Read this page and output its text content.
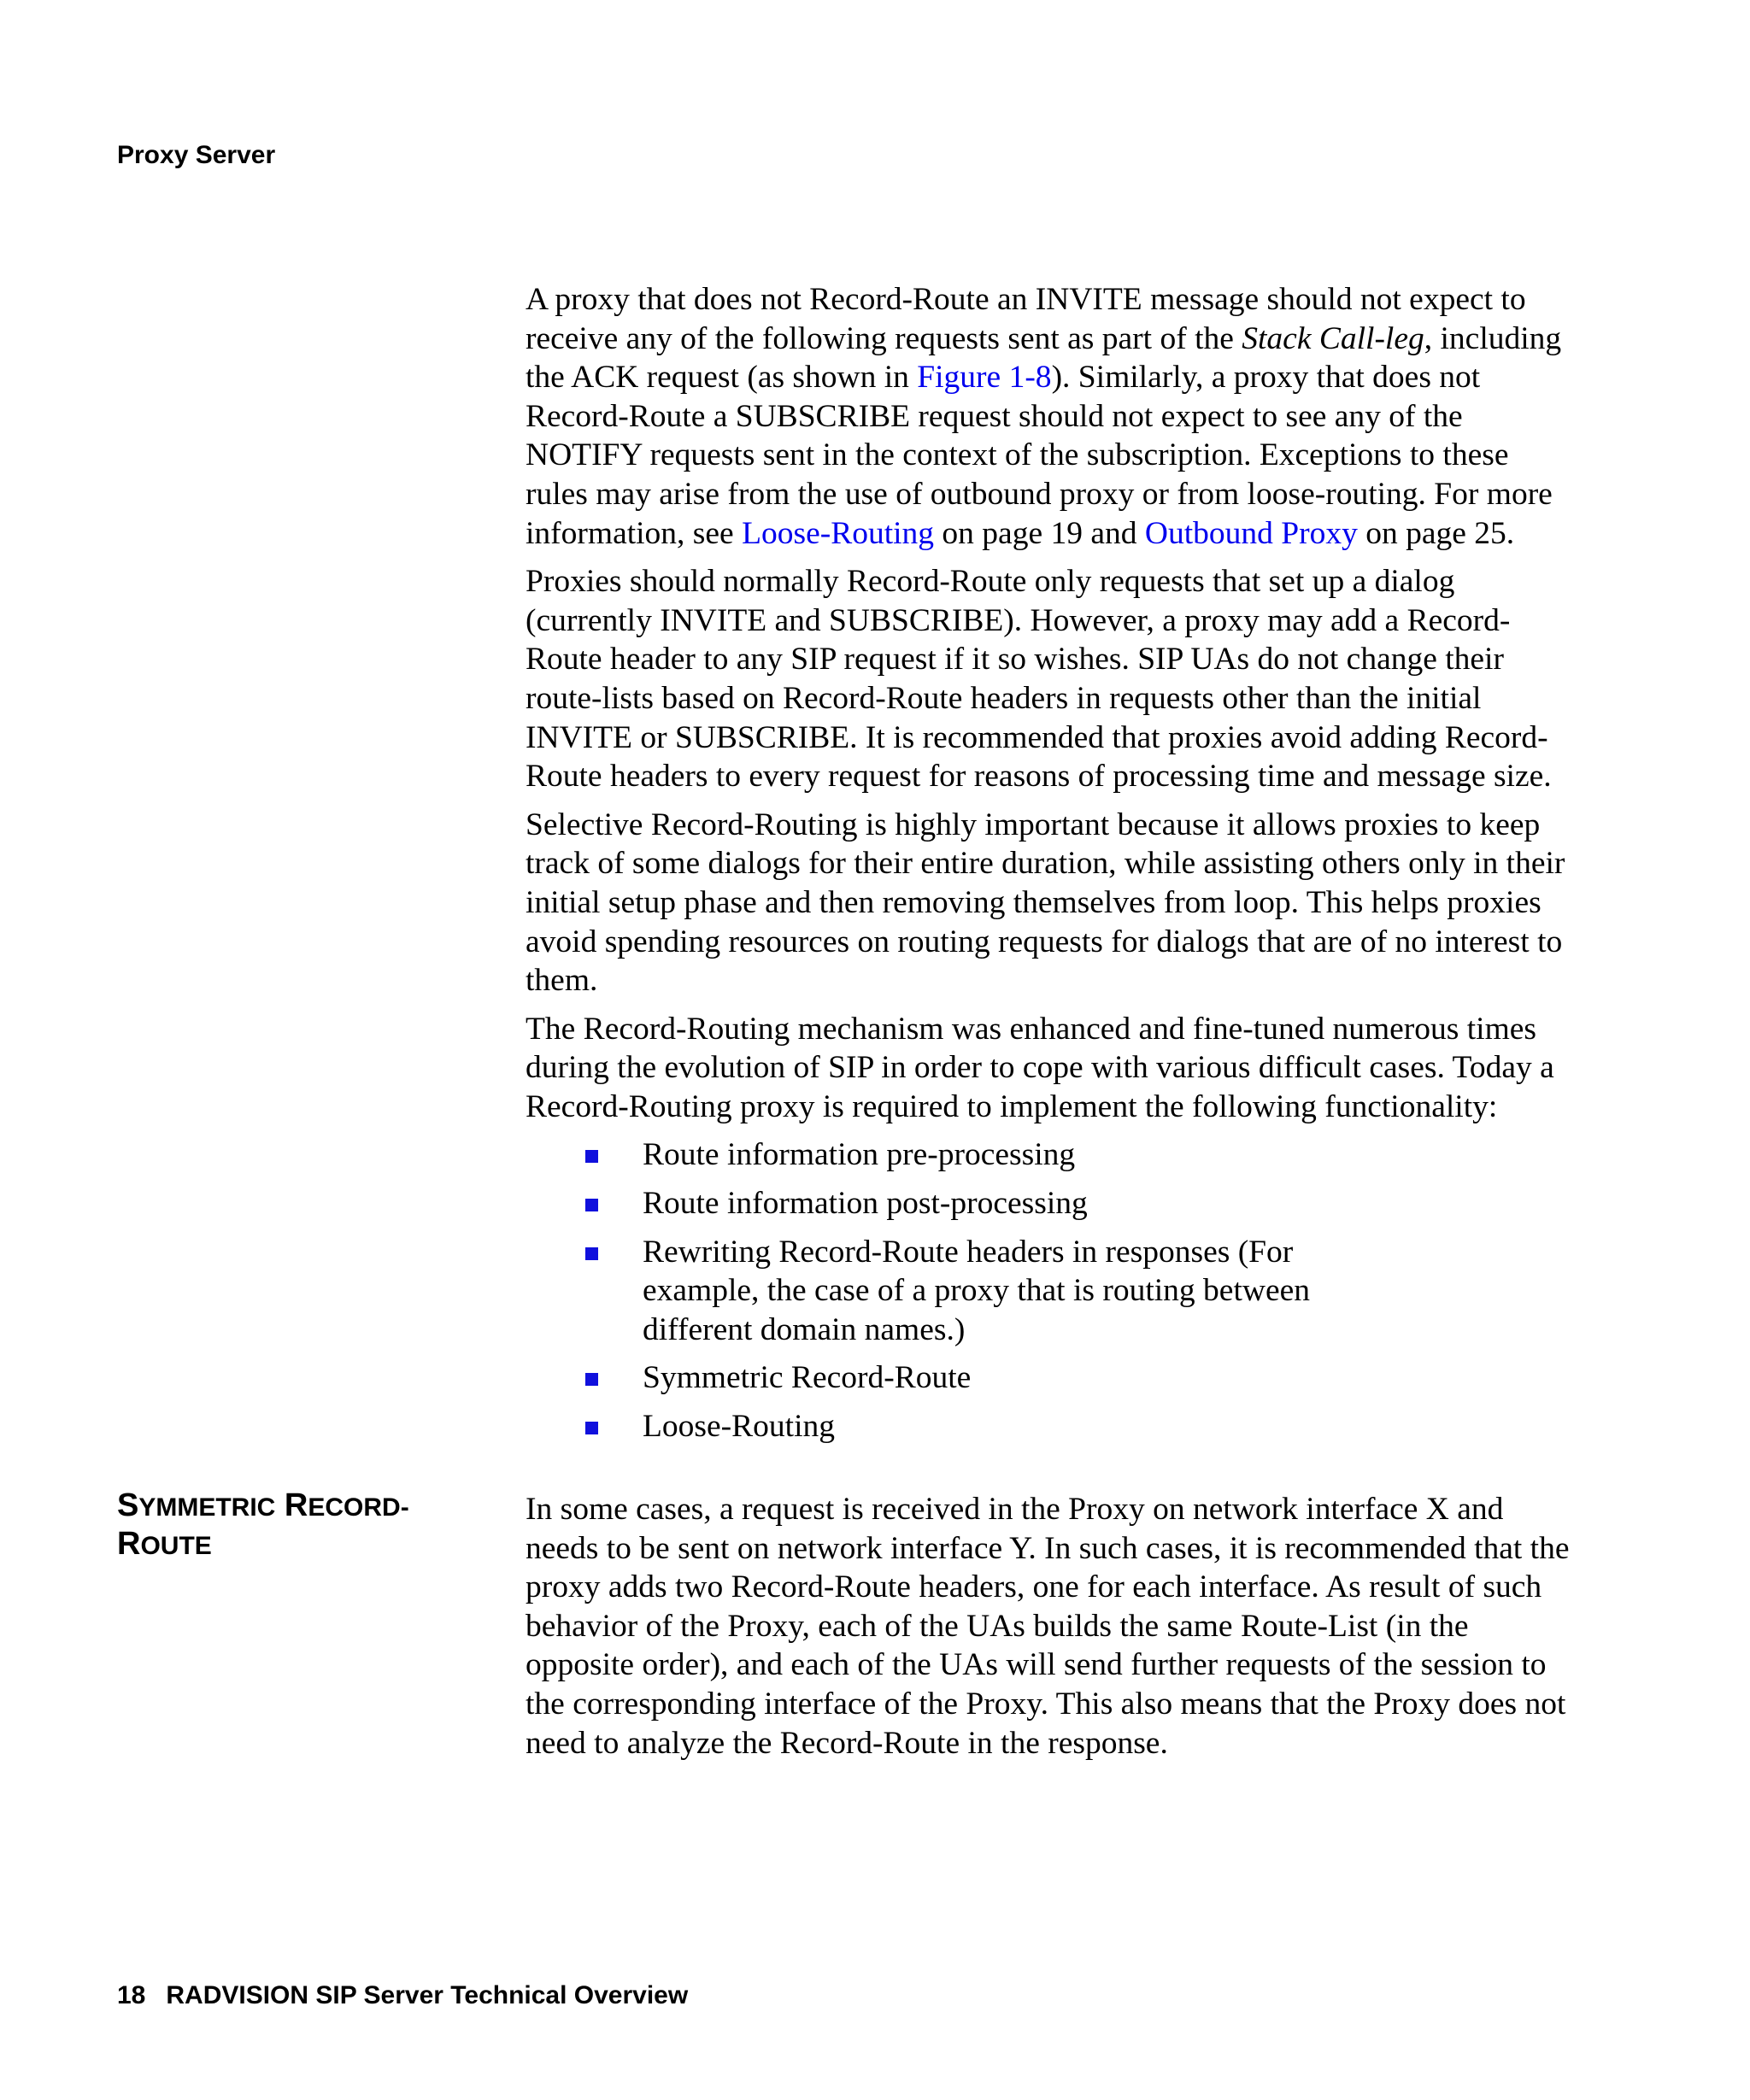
Proxy Server

A proxy that does not Record-Route an INVITE message should not expect to receive any of the following requests sent as part of the Stack Call-leg, including the ACK request (as shown in Figure 1-8). Similarly, a proxy that does not Record-Route a SUBSCRIBE request should not expect to see any of the NOTIFY requests sent in the context of the subscription. Exceptions to these rules may arise from the use of outbound proxy or from loose-routing. For more information, see Loose-Routing on page 19 and Outbound Proxy on page 25.

Proxies should normally Record-Route only requests that set up a dialog (currently INVITE and SUBSCRIBE). However, a proxy may add a Record-Route header to any SIP request if it so wishes. SIP UAs do not change their route-lists based on Record-Route headers in requests other than the initial INVITE or SUBSCRIBE. It is recommended that proxies avoid adding Record-Route headers to every request for reasons of processing time and message size.

Selective Record-Routing is highly important because it allows proxies to keep track of some dialogs for their entire duration, while assisting others only in their initial setup phase and then removing themselves from loop. This helps proxies avoid spending resources on routing requests for dialogs that are of no interest to them.

The Record-Routing mechanism was enhanced and fine-tuned numerous times during the evolution of SIP in order to cope with various difficult cases. Today a Record-Routing proxy is required to implement the following functionality:

Route information pre-processing
Route information post-processing
Rewriting Record-Route headers in responses (For example, the case of a proxy that is routing between different domain names.)
Symmetric Record-Route
Loose-Routing
SYMMETRIC RECORD-
ROUTE

In some cases, a request is received in the Proxy on network interface X and needs to be sent on network interface Y. In such cases, it is recommended that the proxy adds two Record-Route headers, one for each interface. As result of such behavior of the Proxy, each of the UAs builds the same Route-List (in the opposite order), and each of the UAs will send further requests of the session to the corresponding interface of the Proxy. This also means that the Proxy does not need to analyze the Record-Route in the response.

18 RADVISION SIP Server Technical Overview
